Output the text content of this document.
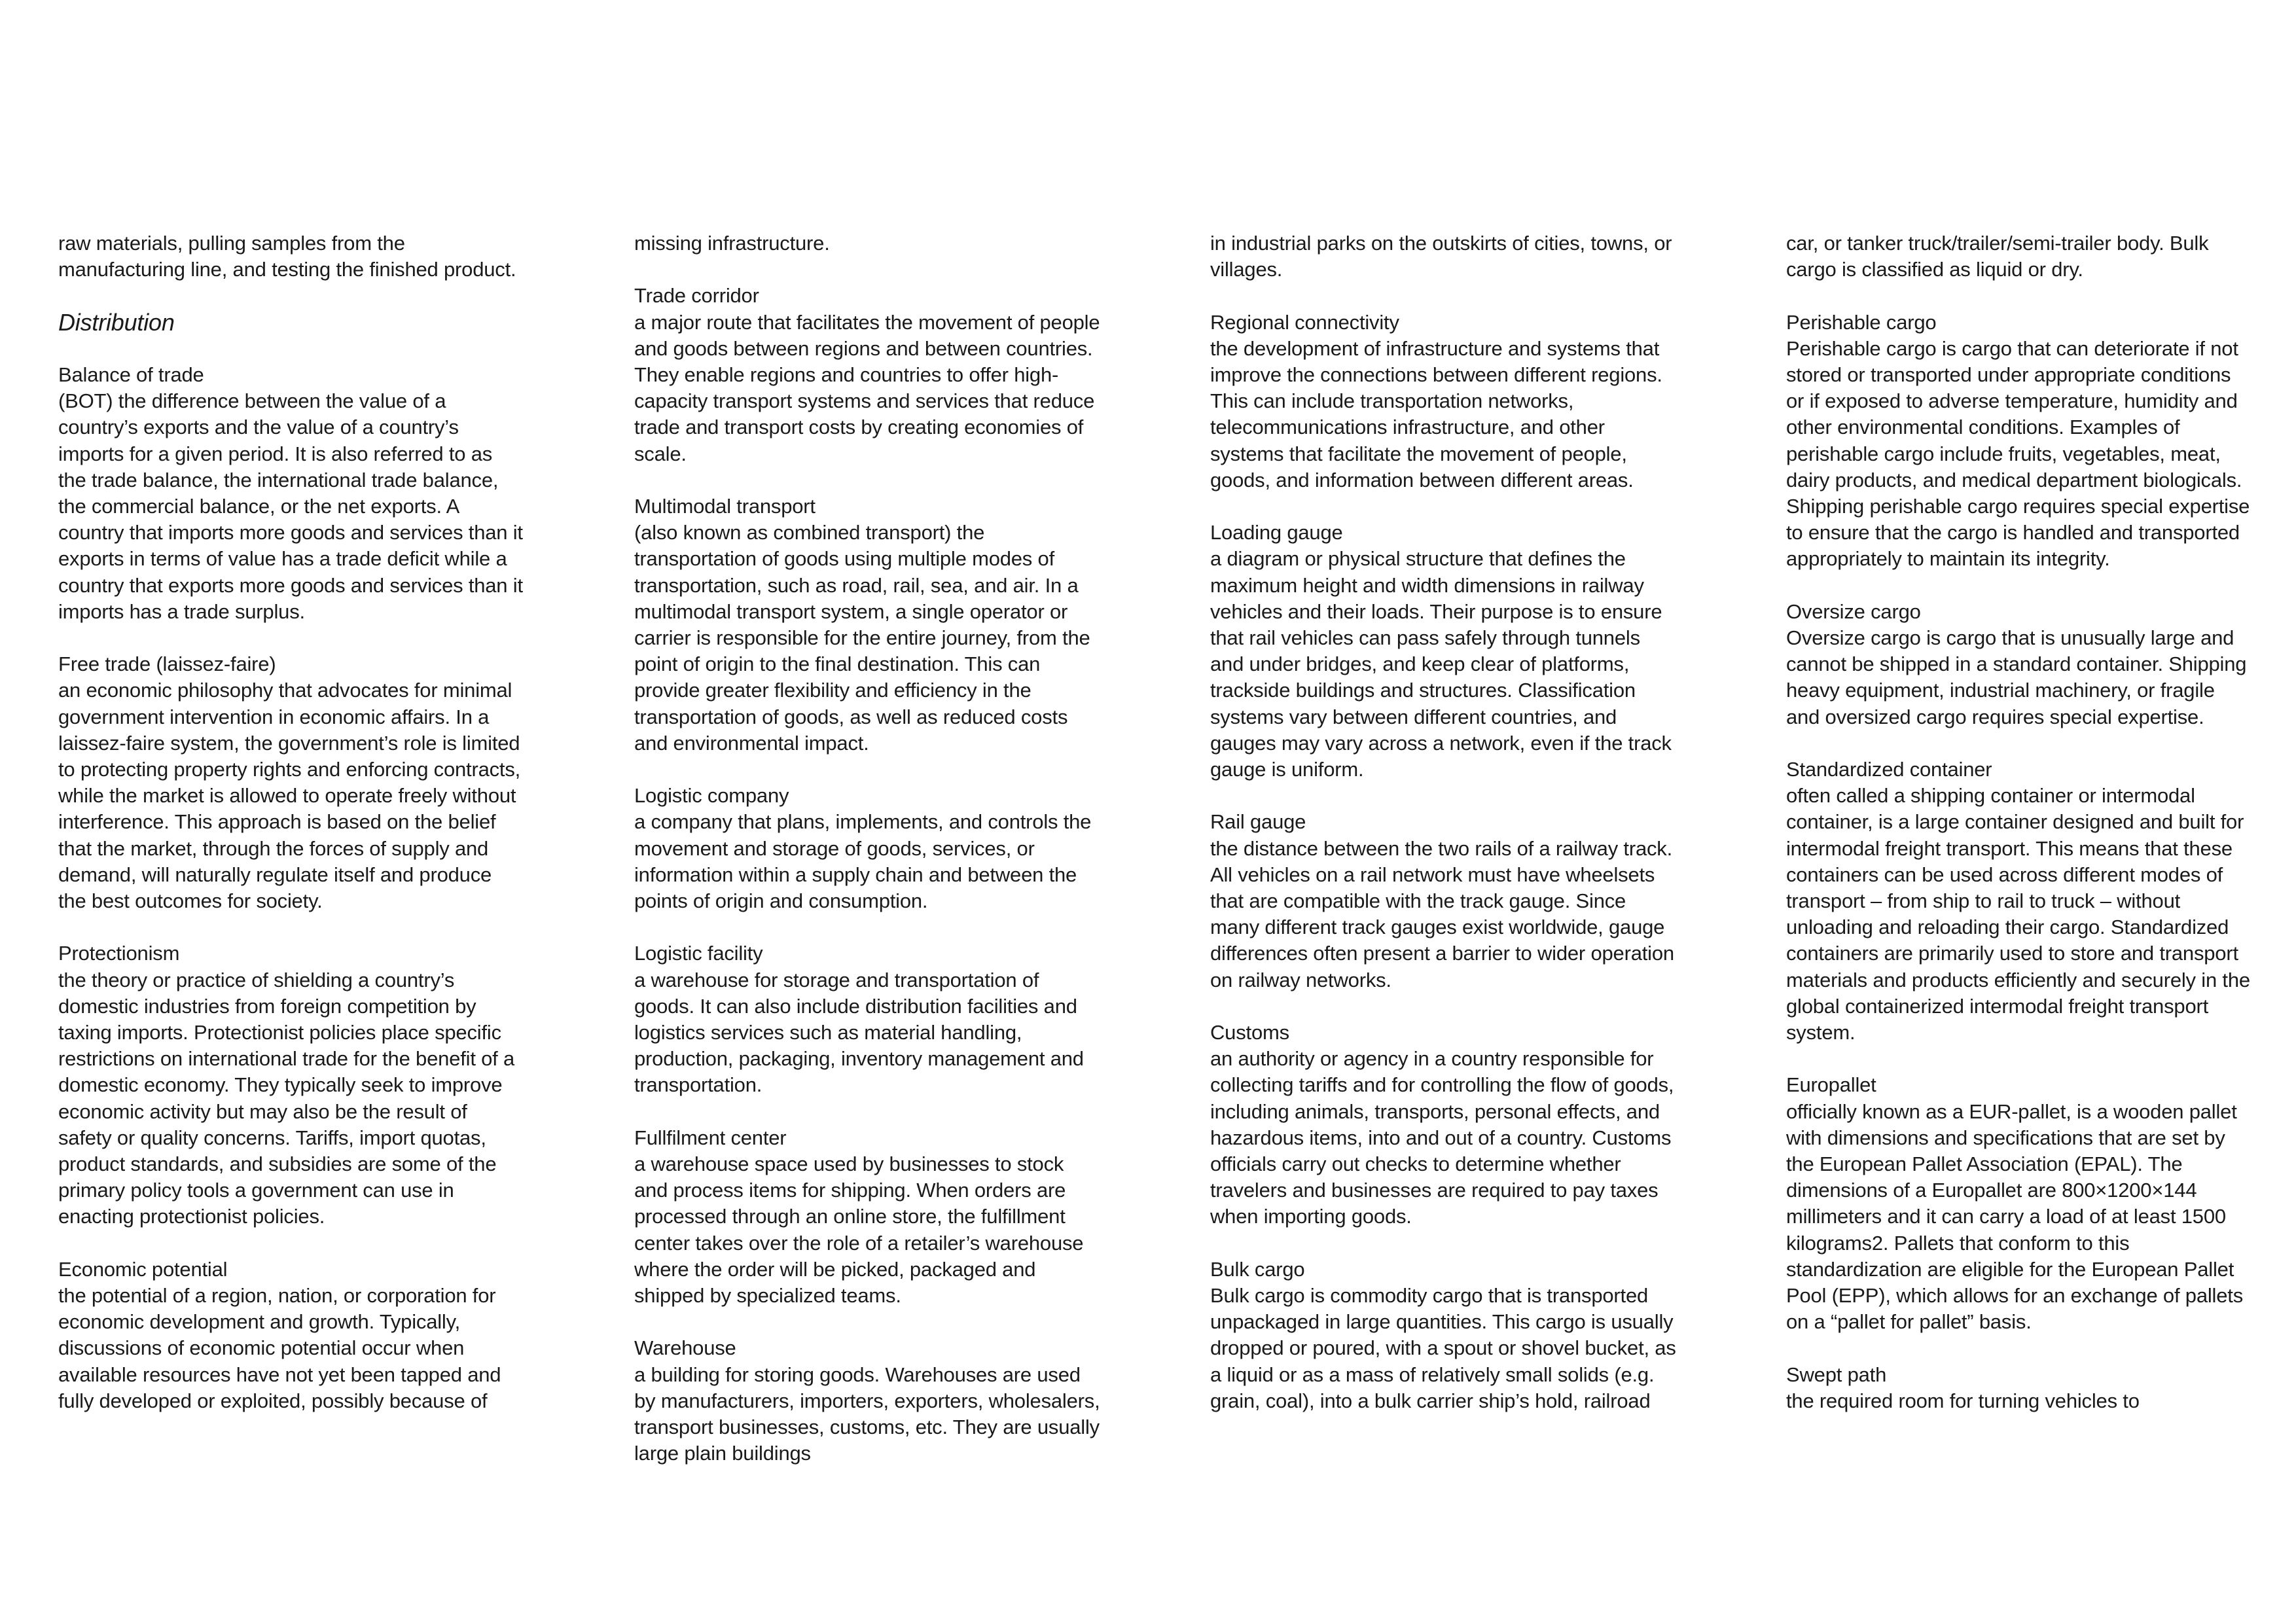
raw materials, pulling samples from the manufacturing line, and testing the finished product.

Distribution
Balance of trade
(BOT) the difference between the value of a country’s exports and the value of a country’s imports for a given period. It is also referred to as the trade balance, the international trade balance, the commercial balance, or the net exports. A country that imports more goods and services than it exports in terms of value has a trade deficit while a country that exports more goods and services than it imports has a trade surplus.
Free trade (laissez-faire)
an economic philosophy that advocates for minimal government intervention in economic affairs. In a laissez-faire system, the government’s role is limited to protecting property rights and enforcing contracts, while the market is allowed to operate freely without interference. This approach is based on the belief that the market, through the forces of supply and demand, will naturally regulate itself and produce the best outcomes for society.
Protectionism
the theory or practice of shielding a country’s domestic industries from foreign competition by taxing imports. Protectionist policies place specific restrictions on international trade for the benefit of a domestic economy. They typically seek to improve economic activity but may also be the result of safety or quality concerns. Tariffs, import quotas, product standards, and subsidies are some of the primary policy tools a government can use in enacting protectionist policies.
Economic potential
the potential of a region, nation, or corporation for economic development and growth. Typically, discussions of economic potential occur when available resources have not yet been tapped and fully developed or exploited, possibly because of

missing infrastructure.

Trade corridor
a major route that facilitates the movement of people and goods between regions and between countries. They enable regions and countries to offer high-capacity transport systems and services that reduce trade and transport costs by creating economies of scale.
Multimodal transport
(also known as combined transport) the transportation of goods using multiple modes of transportation, such as road, rail, sea, and air. In a multimodal transport system, a single operator or carrier is responsible for the entire journey, from the point of origin to the final destination. This can provide greater flexibility and efficiency in the transportation of goods, as well as reduced costs and environmental impact.
Logistic company
a company that plans, implements, and controls the movement and storage of goods, services, or information within a supply chain and between the points of origin and consumption.
Logistic facility
a warehouse for storage and transportation of goods. It can also include distribution facilities and logistics services such as material handling, production, packaging, inventory management and transportation.
Fullfilment center
a warehouse space used by businesses to stock and process items for shipping. When orders are processed through an online store, the fulfillment center takes over the role of a retailer’s warehouse where the order will be picked, packaged and shipped by specialized teams.
Warehouse
a building for storing goods. Warehouses are used by manufacturers, importers, exporters, wholesalers, transport businesses, customs, etc. They are usually large plain buildings

in industrial parks on the outskirts of cities, towns, or villages.

Regional connectivity
the development of infrastructure and systems that improve the connections between different regions. This can include transportation networks, telecommunications infrastructure, and other systems that facilitate the movement of people, goods, and information between different areas.
Loading gauge
a diagram or physical structure that defines the maximum height and width dimensions in railway vehicles and their loads. Their purpose is to ensure that rail vehicles can pass safely through tunnels and under bridges, and keep clear of platforms, trackside buildings and structures. Classification systems vary between different countries, and gauges may vary across a network, even if the track gauge is uniform.
Rail gauge
the distance between the two rails of a railway track. All vehicles on a rail network must have wheelsets that are compatible with the track gauge. Since many different track gauges exist worldwide, gauge differences often present a barrier to wider operation on railway networks.
Customs
an authority or agency in a country responsible for collecting tariffs and for controlling the flow of goods, including animals, transports, personal effects, and hazardous items, into and out of a country. Customs officials carry out checks to determine whether travelers and businesses are required to pay taxes when importing goods.
Bulk cargo
Bulk cargo is commodity cargo that is transported unpackaged in large quantities. This cargo is usually dropped or poured, with a spout or shovel bucket, as a liquid or as a mass of relatively small solids (e.g. grain, coal), into a bulk carrier ship’s hold, railroad

car, or tanker truck/trailer/semi-trailer body. Bulk cargo is classified as liquid or dry.

Perishable cargo
Perishable cargo is cargo that can deteriorate if not stored or transported under appropriate conditions or if exposed to adverse temperature, humidity and other environmental conditions. Examples of perishable cargo include fruits, vegetables, meat, dairy products, and medical department biologicals. Shipping perishable cargo requires special expertise to ensure that the cargo is handled and transported appropriately to maintain its integrity.
Oversize cargo
Oversize cargo is cargo that is unusually large and cannot be shipped in a standard container. Shipping heavy equipment, industrial machinery, or fragile and oversized cargo requires special expertise.
Standardized container
often called a shipping container or intermodal container, is a large container designed and built for intermodal freight transport. This means that these containers can be used across different modes of transport – from ship to rail to truck – without unloading and reloading their cargo. Standardized containers are primarily used to store and transport materials and products efficiently and securely in the global containerized intermodal freight transport system.
Europallet
officially known as a EUR-pallet, is a wooden pallet with dimensions and specifications that are set by the European Pallet Association (EPAL). The dimensions of a Europallet are 800×1200×144 millimeters and it can carry a load of at least 1500 kilograms2. Pallets that conform to this standardization are eligible for the European Pallet Pool (EPP), which allows for an exchange of pallets on a “pallet for pallet” basis.
Swept path
the required room for turning vehicles to
